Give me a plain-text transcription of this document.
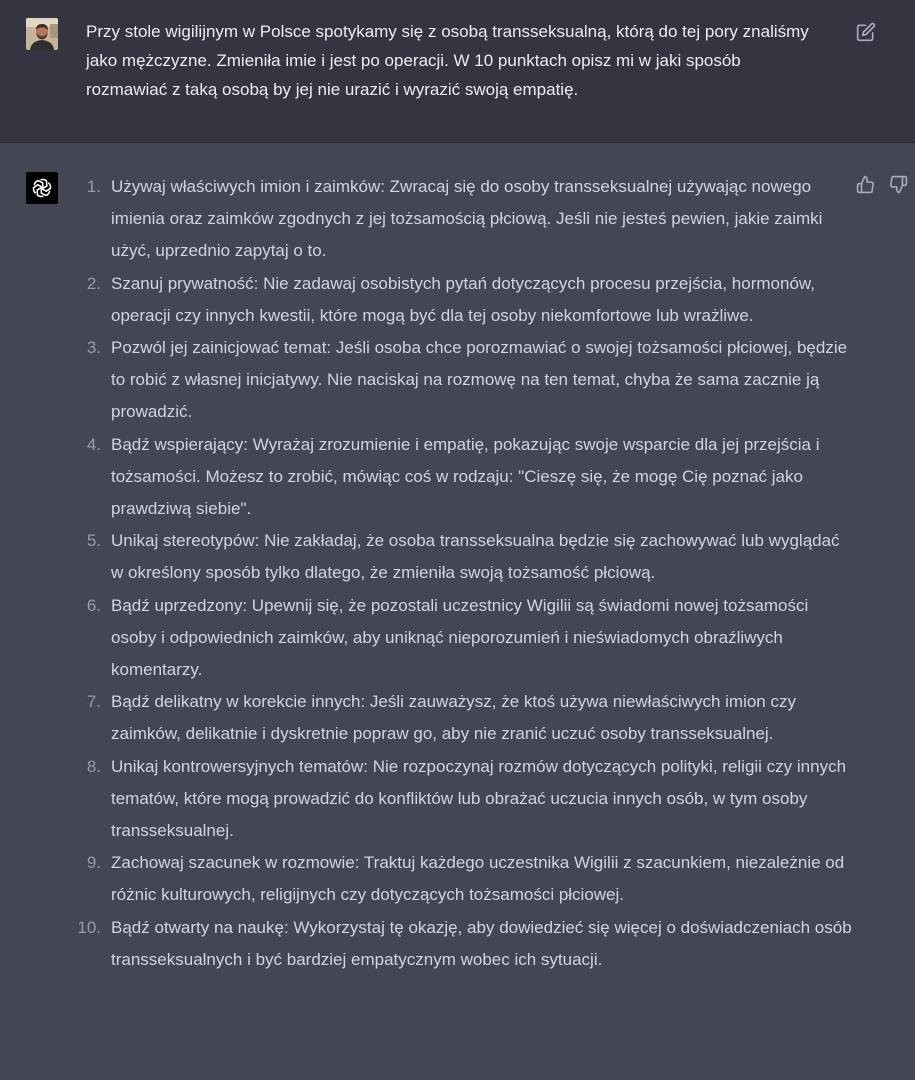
Przy stole wigilijnym w Polsce spotykamy się z osobą transseksualną, którą do tej pory znaliśmy jako mężczyzne. Zmieniła imie i jest po operacji. W 10 punktach opisz mi w jaki sposób rozmawiać z taką osobą by jej nie urazić i wyrazić swoją empatię.

1. Używaj właściwych imion i zaimków: Zwracaj się do osoby transseksualnej używając nowego imienia oraz zaimków zgodnych z jej tożsamością płciową. Jeśli nie jesteś pewien, jakie zaimki użyć, uprzednio zapytaj o to.
2. Szanuj prywatność: Nie zadawaj osobistych pytań dotyczących procesu przejścia, hormonów, operacji czy innych kwestii, które mogą być dla tej osoby niekomfortowe lub wrażliwe.
3. Pozwól jej zainicjować temat: Jeśli osoba chce porozmawiać o swojej tożsamości płciowej, będzie to robić z własnej inicjatywy. Nie naciskaj na rozmowę na ten temat, chyba że sama zacznie ją prowadzić.
4. Bądź wspierający: Wyrażaj zrozumienie i empatię, pokazując swoje wsparcie dla jej przejścia i tożsamości. Możesz to zrobić, mówiąc coś w rodzaju: "Cieszę się, że mogę Cię poznać jako prawdziwą siebie".
5. Unikaj stereotypów: Nie zakładaj, że osoba transseksualna będzie się zachowywać lub wyglądać w określony sposób tylko dlatego, że zmieniła swoją tożsamość płciową.
6. Bądź uprzedzony: Upewnij się, że pozostali uczestnicy Wigilii są świadomi nowej tożsamości osoby i odpowiednich zaimków, aby uniknąć nieporozumień i nieświadomych obraźliwych komentarzy.
7. Bądź delikatny w korekcie innych: Jeśli zauważysz, że ktoś używa niewłaściwych imion czy zaimków, delikatnie i dyskretnie popraw go, aby nie zranić uczuć osoby transseksualnej.
8. Unikaj kontrowersyjnych tematów: Nie rozpoczynaj rozmów dotyczących polityki, religii czy innych tematów, które mogą prowadzić do konfliktów lub obrażać uczucia innych osób, w tym osoby transseksualnej.
9. Zachowaj szacunek w rozmowie: Traktuj każdego uczestnika Wigilii z szacunkiem, niezależnie od różnic kulturowych, religijnych czy dotyczących tożsamości płciowej.
10. Bądź otwarty na naukę: Wykorzystaj tę okazję, aby dowiedzieć się więcej o doświadczeniach osób transseksualnych i być bardziej empatycznym wobec ich sytuacji.
